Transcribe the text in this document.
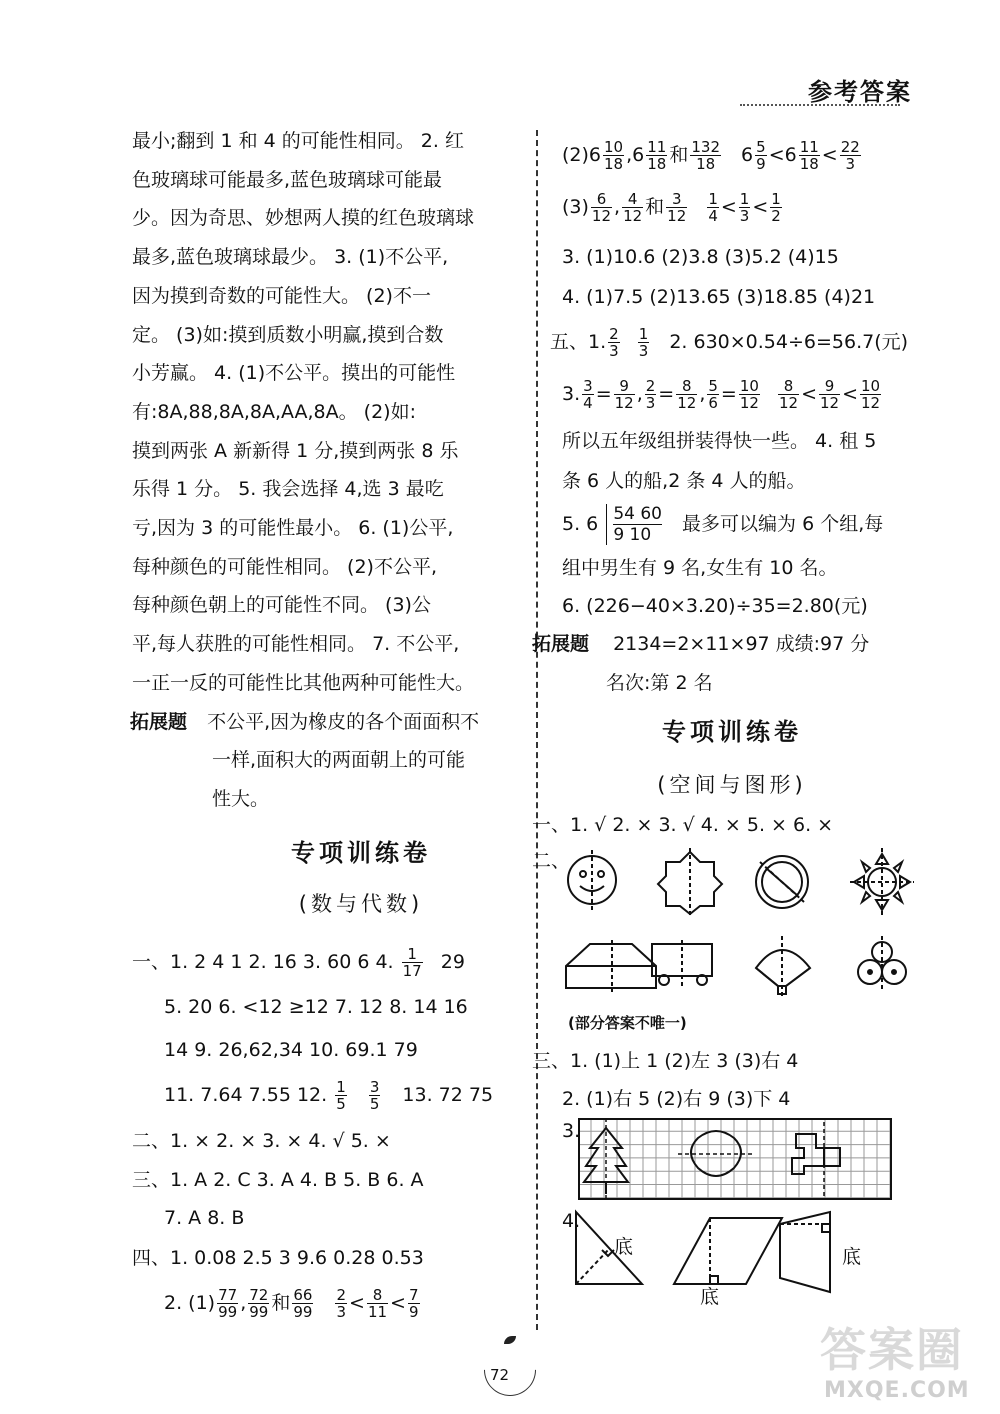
参考答案
最小;翻到 1 和 4 的可能性相同。 2. 红
色玻璃球可能最多,蓝色玻璃球可能最
少。因为奇思、妙想两人摸的红色玻璃球
最多,蓝色玻璃球最少。 3. (1)不公平,
因为摸到奇数的可能性大。 (2)不一
定。 (3)如:摸到质数小明赢,摸到合数
小芳赢。 4. (1)不公平。摸出的可能性
有:8A,88,8A,8A,AA,8A。 (2)如:
摸到两张 A 新新得 1 分,摸到两张 8 乐
乐得 1 分。 5. 我会选择 4,选 3 最吃
亏,因为 3 的可能性最小。 6. (1)公平,
每种颜色的可能性相同。 (2)不公平,
每种颜色朝上的可能性不同。 (3)公
平,每人获胜的可能性相同。 7. 不公平,
一正一反的可能性比其他两种可能性大。
拓展题 不公平,因为橡皮的各个面面积不
一样,面积大的两面朝上的可能
性大。
专项训练卷
(数与代数)
一、1. 2 4 1 2. 16 3. 60 6 4. $\frac{1}{17} 29$
5. 20 6. <12 ≥12 7. 12 8. 14 16
14 9. 26,62,34 10. 69.1 79
11. 7.64 7.55 12. $\frac{1}{5}$
$\frac{3}{5} 13$. 72 75
二、1. × 2. × 3. × 4. √ 5. ×
三、1. A 2. C 3. A 4. B 5. B 6. A
7. A 8. B
四、1. 0.08 2.5 3 9.6 0.28 0.53
2. $(1) \frac{77}{99}$ , $\frac{72}{99}$ 和 $\frac{66}{99}$
$\frac{2}{3} < \frac{8}{11} < \frac{7}{9}$
$(2)6 \frac{10}{18} ,6 \frac{11}{18}$ 和 $\frac{132}{18} 6 \frac{5}{9} <6 \frac{11}{18} < \frac{22}{3}$
$(3) \frac{6}{12}$ , $\frac{4}{12}$ 和 $\frac{3}{12}$
$\frac{1}{4} < \frac{1}{3} < \frac{1}{2}$
3. (1)10.6 (2)3.8 (3)5.2 (4)15
4. (1)7.5 (2)13.65 (3)18.85 (4)21
五、1. $\frac{2}{3}$
$\frac{1}{3} 2$. 630×0.54÷6=56.7(元)
3. $\frac{3}{4} = \frac{9}{12}$ , $\frac{2}{3} = \frac{8}{12}$ , $\frac{5}{6} = \frac{10}{12}$
$\frac{8}{12} < \frac{9}{12} < \frac{10}{12}$
所以五年级组拼装得快一些。 4. 租 5
条 6 人的船,2 条 4 人的船。
5. $6 \frac{54 60}{9 10}$ 最多可以编为 6 个组,每
组中男生有 9 名,女生有 10 名。
6. (226−40×3.20)÷35=2.80(元)
拓展题 2134=2×11×97 成绩:97 分
名次:第 2 名
专项训练卷
(空间与图形)
一、1. √ 2. × 3. √ 4. × 5. × 6. ×
二、
(部分答案不唯一)
三、1. (1)上 1 (2)左 3 (3)右 4
2. (1)右 5 (2)右 9 (3)下 4
3.
4.
底
底
底
72	答案圈
MXQE.COM
